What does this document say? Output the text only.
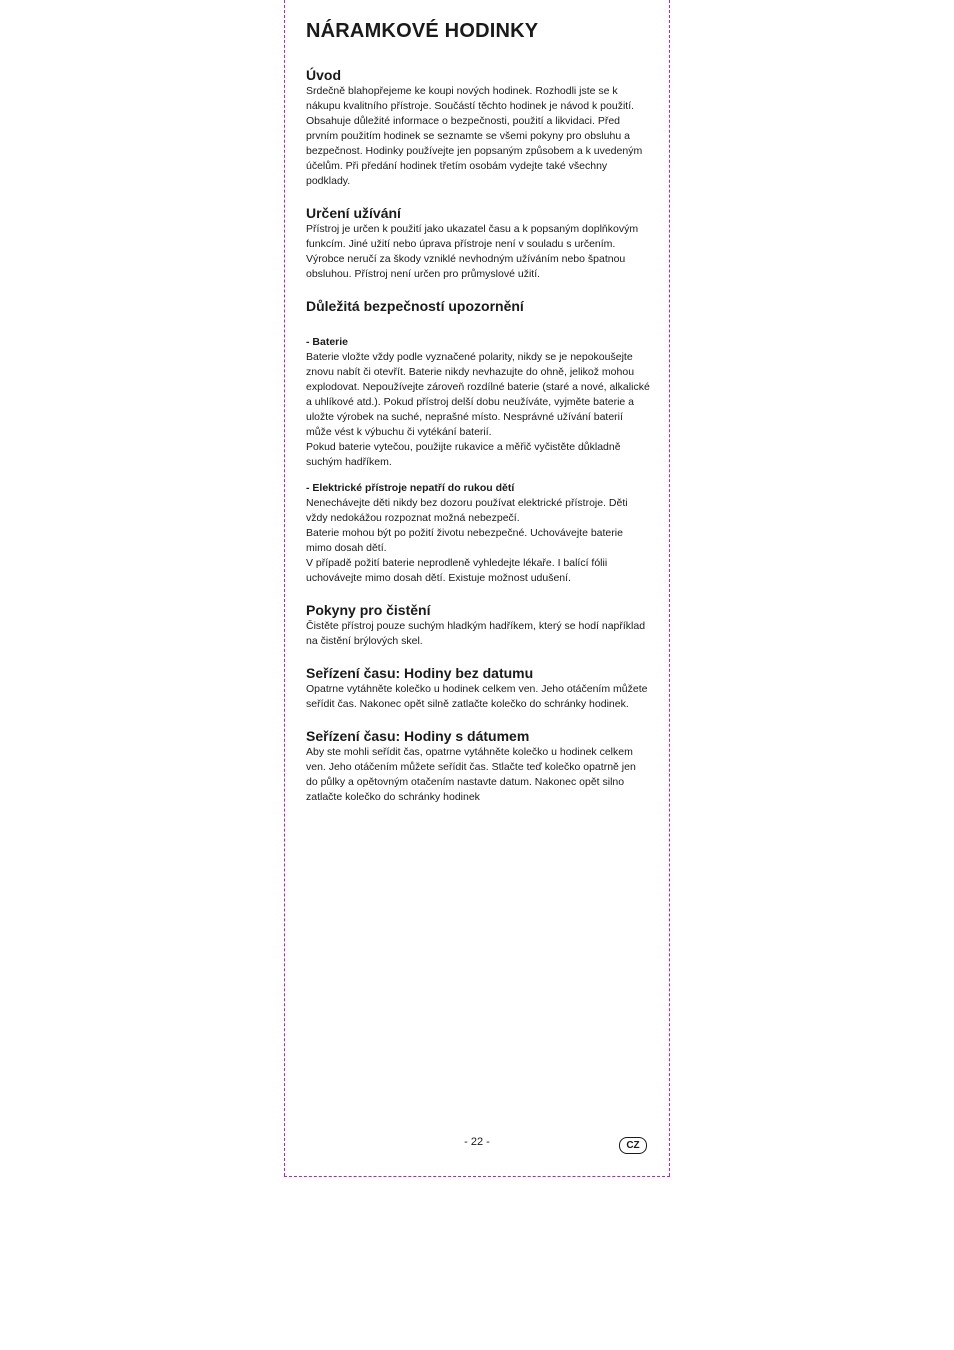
NÁRAMKOVÉ HODINKY
Úvod

Srdečně blahopřejeme ke koupi nových hodinek. Rozhodli jste se k nákupu kvalitního přístroje. Součástí těchto hodinek je návod k použití. Obsahuje důležité informace o bezpečnosti, použití a likvidaci. Před prvním použitím hodinek se seznamte se všemi pokyny pro obsluhu a bezpečnost. Hodinky používejte jen popsaným způsobem a k uvedeným účelům. Při předání hodinek třetím osobám vydejte také všechny podklady.

Určení užívání

Přístroj je určen k použití jako ukazatel času a k popsaným doplňkovým funkcím. Jiné užití nebo úprava přístroje není v souladu s určením. Výrobce neručí za škody vzniklé nevhodným užíváním nebo špatnou obsluhou. Přístroj není určen pro průmyslové užití.

Důležitá bezpečností upozornění
- Baterie

Baterie vložte vždy podle vyznačené polarity, nikdy se je nepokoušejte znovu nabít či otevřít. Baterie nikdy nevhazujte do ohně, jelikož mohou explodovat. Nepoužívejte zároveň rozdílné baterie (staré a nové, alkalické a uhlíkové atd.). Pokud přístroj delší dobu neužíváte, vyjměte baterie a uložte výrobek na suché, neprašné místo. Nesprávné užívání baterií může vést k výbuchu či vytékání baterií.

Pokud baterie vytečou, použijte rukavice a měřič vyčistěte důkladně suchým hadříkem.

- Elektrické přístroje nepatří do rukou dětí

Nenechávejte děti nikdy bez dozoru používat elektrické přístroje. Děti vždy nedokážou rozpoznat možná nebezpečí.

Baterie mohou být po požití životu nebezpečné. Uchovávejte baterie mimo dosah dětí.

V případě požití baterie neprodleně vyhledejte lékaře. I balící fólii uchovávejte mimo dosah dětí. Existuje možnost udušení.

Pokyny pro čistění

Čistěte přístroj pouze suchým hladkým hadříkem, který se hodí například na čistění brýlových skel.

Seřízení času: Hodiny bez datumu

Opatrne vytáhněte kolečko u hodinek celkem ven. Jeho otáčením můžete seřídit čas. Nakonec opět silně zatlačte kolečko do schránky hodinek.

Seřízení času: Hodiny s dátumem

Aby ste mohli seřídit čas, opatrne vytáhněte kolečko u hodinek celkem ven. Jeho otáčením můžete seřídit čas. Stlačte teď kolečko opatrně jen do půlky a opětovným otačením nastavte datum. Nakonec opět silno zatlačte kolečko do schránky hodinek

- 22 -	CZ
